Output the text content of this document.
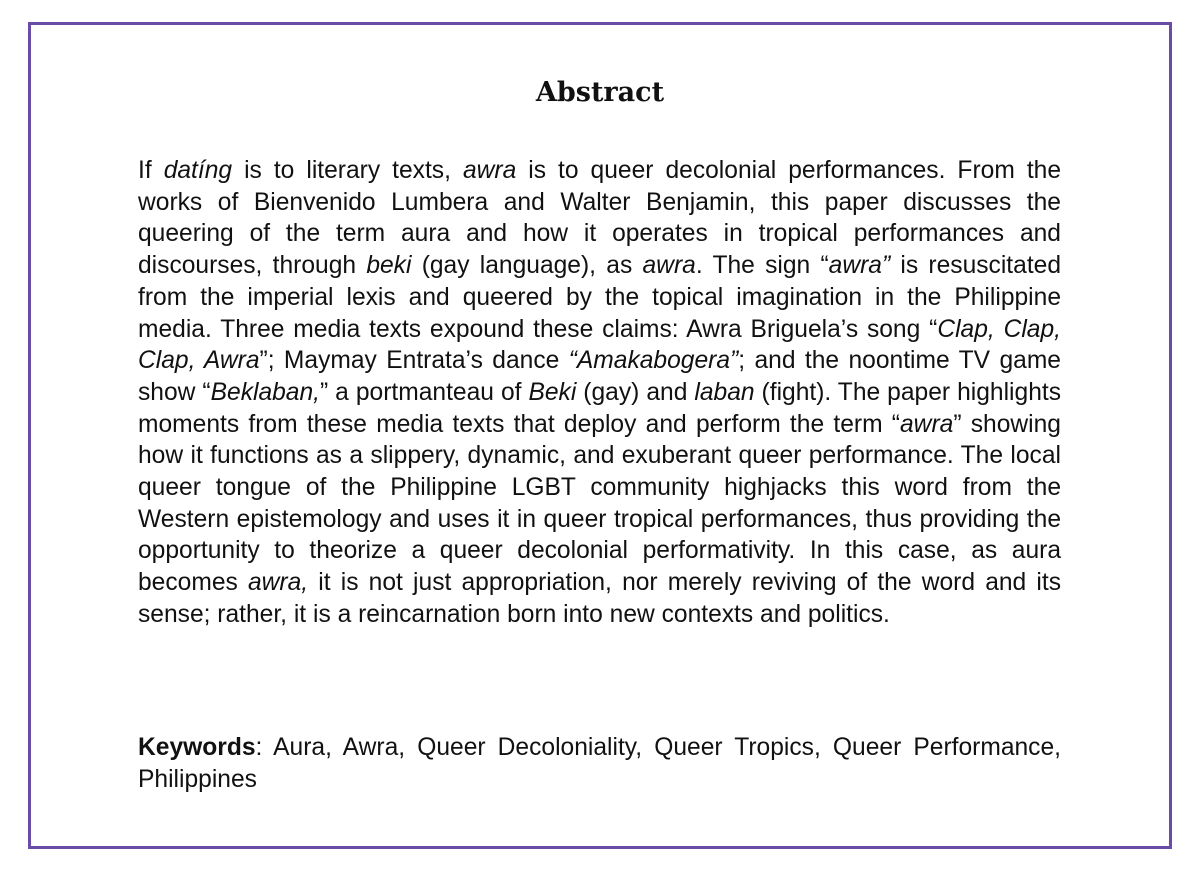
Abstract

If datíng is to literary texts, awra is to queer decolonial performances. From the works of Bienvenido Lumbera and Walter Benjamin, this paper discusses the queering of the term aura and how it operates in tropical performances and discourses, through beki (gay language), as awra. The sign “awra” is resuscitated from the imperial lexis and queered by the topical imagination in the Philippine media. Three media texts expound these claims: Awra Briguela’s song “Clap, Clap, Clap, Awra”; Maymay Entrata’s dance “Amakabogera”; and the noontime TV game show “Beklaban,” a portmanteau of Beki (gay) and laban (fight). The paper highlights moments from these media texts that deploy and perform the term “awra” showing how it functions as a slippery, dynamic, and exuberant queer performance. The local queer tongue of the Philippine LGBT community highjacks this word from the Western epistemology and uses it in queer tropical performances, thus providing the opportunity to theorize a queer decolonial performativity. In this case, as aura becomes awra, it is not just appropriation, nor merely reviving of the word and its sense; rather, it is a reincarnation born into new contexts and politics.

Keywords: Aura, Awra, Queer Decoloniality, Queer Tropics, Queer Performance, Philippines
